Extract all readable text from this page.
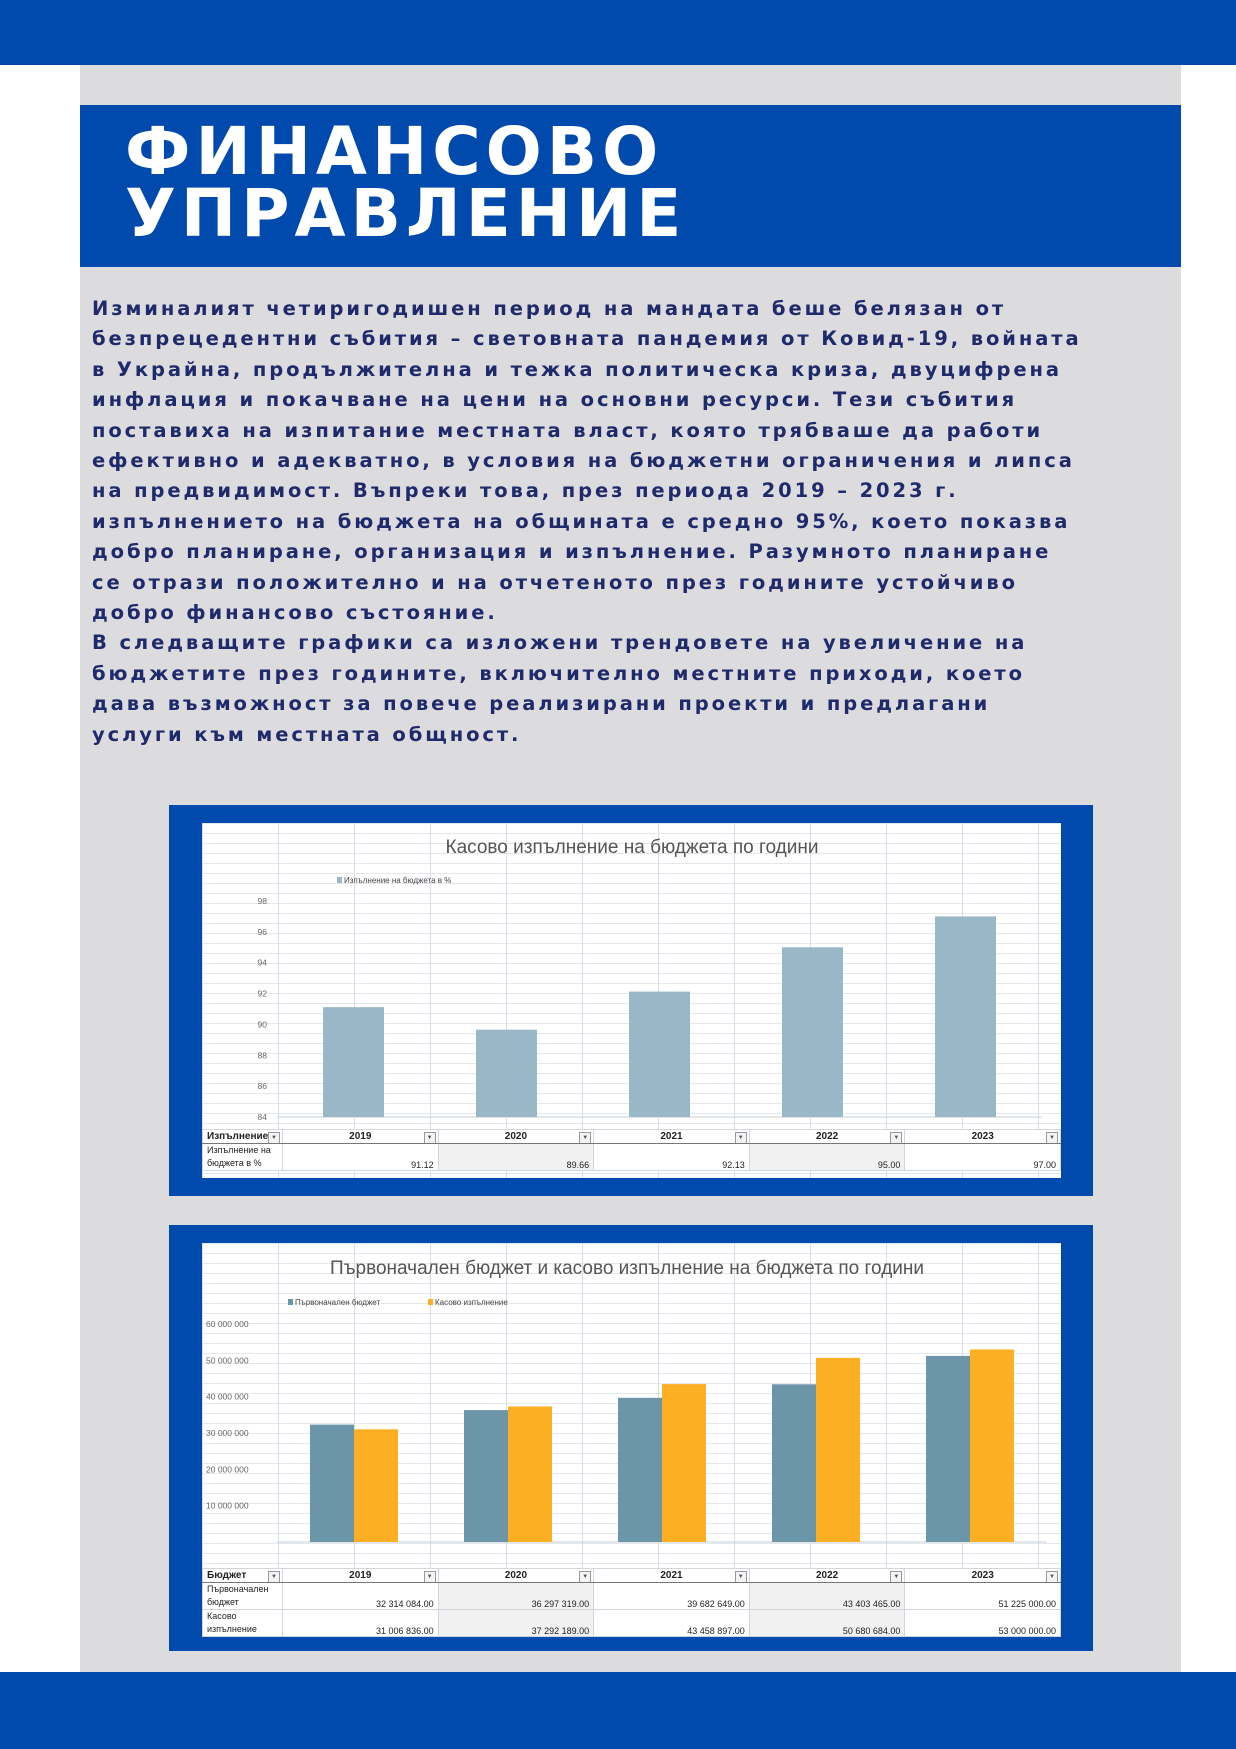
ФИНАНСОВО
УПРАВЛЕНИЕ

Изминалият четиригодишен период на мандата беше белязан от

безпрецедентни събития – световната пандемия от Ковид-19, войната

в Украйна, продължителна и тежка политическа криза, двуцифрена

инфлация и покачване на цени на основни ресурси. Тези събития

поставиха на изпитание местната власт, която трябваше да работи

ефективно и адекватно, в условия на бюджетни ограничения и липса

на предвидимост. Въпреки това, през периода 2019 – 2023 г.

изпълнението на бюджета на общината е средно 95%, което показва

добро планиране, организация и изпълнение. Разумното планиране

се отрази положително и на отчетеното през годините устойчиво

добро финансово състояние.

В следващите графики са изложени трендовете на увеличение на

бюджетите през годините, включително местните приходи, което

дава възможност за повече реализирани проекти и предлагани

услуги към местната общност.

Касово изпълнение на бюджета по години
Изпълнение на бюджета в %
84
86
88
90
92
94
96
98
Изпълнение ▼	2019 ▼	2020 ▼	2021 ▼	2022 ▼	2023 ▼

Изпълнение на
бюджета в %	91.12	89.66	92.13	95.00	97.00
Първоначален бюджет и касово изпълнение на бюджета по години
Първоначален бюджет	Касово изпълнение
10 000 000
20 000 000
30 000 000
40 000 000
50 000 000
60 000 000
Бюджет ▼	2019 ▼	2020 ▼	2021 ▼	2022 ▼	2023 ▼

Първоначален
бюджет	32 314 084.00	36 297 319.00	39 682 649.00	43 403 465.00	51 225 000.00
Касово
изпълнение	31 006 836.00	37 292 189.00	43 458 897.00	50 680 684.00	53 000 000.00
